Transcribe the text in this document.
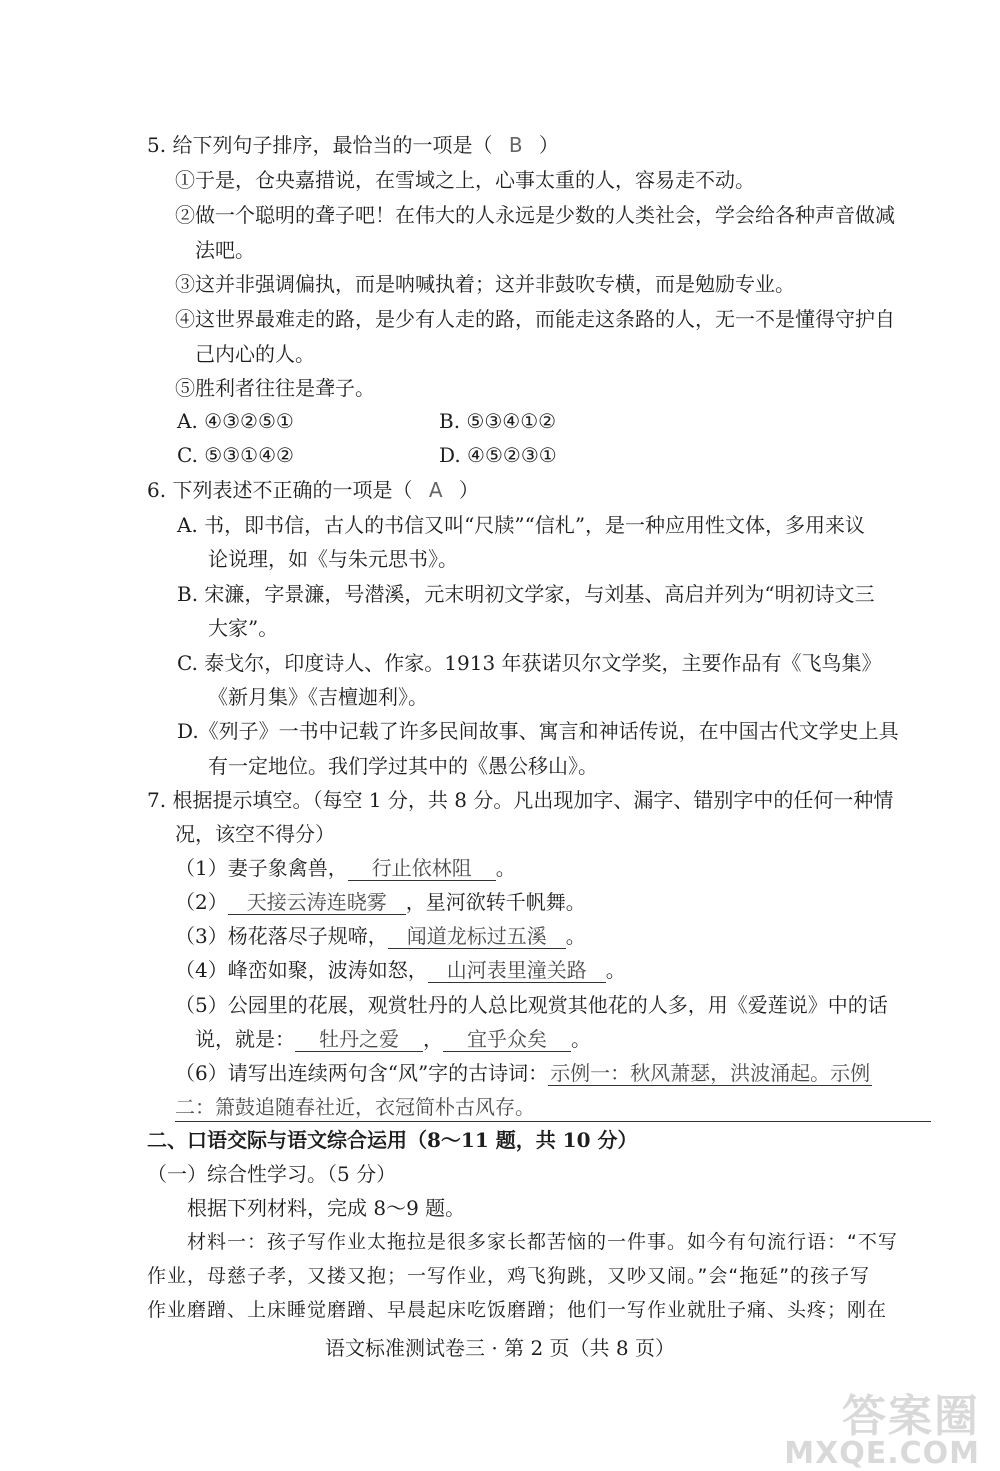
5. 给下列句子排序，最恰当的一项是（ B ）
①于是，仓央嘉措说，在雪域之上，心事太重的人，容易走不动。
②做一个聪明的聋子吧！在伟大的人永远是少数的人类社会，学会给各种声音做减
法吧。
③这并非强调偏执，而是呐喊执着；这并非鼓吹专横，而是勉励专业。
④这世界最难走的路，是少有人走的路，而能走这条路的人，无一不是懂得守护自
己内心的人。
⑤胜利者往往是聋子。
A. ④③②⑤①	B. ⑤③④①②
C. ⑤③①④②	D. ④⑤②③①
6. 下列表述不正确的一项是（ A ）
A. 书，即书信，古人的书信又叫“尺牍”“信札”，是一种应用性文体，多用来议
论说理，如《与朱元思书》。
B. 宋濂，字景濂，号潜溪，元末明初文学家，与刘基、高启并列为“明初诗文三
大家”。
C. 泰戈尔，印度诗人、作家。1913 年获诺贝尔文学奖，主要作品有《飞鸟集》
《新月集》《吉檀迦利》。
D.《列子》一书中记载了许多民间故事、寓言和神话传说，在中国古代文学史上具
有一定地位。我们学过其中的《愚公移山》。
7. 根据提示填空。（每空 1 分，共 8 分。凡出现加字、漏字、错别字中的任何一种情
况，该空不得分）
（1）妻子象禽兽， 行止依林阻 。
（2） 天接云涛连晓雾 ，星河欲转千帆舞。
（3）杨花落尽子规啼， 闻道龙标过五溪 。
（4）峰峦如聚，波涛如怒， 山河表里潼关路 。
（5）公园里的花展，观赏牡丹的人总比观赏其他花的人多，用《爱莲说》中的话
说，就是： 牡丹之爱 ， 宜乎众矣 。
（6）请写出连续两句含“风”字的古诗词： 示例一：秋风萧瑟，洪波涌起。示例
二：箫鼓追随春社近，衣冠简朴古风存。
二、口语交际与语文综合运用（8～11 题，共 10 分）
（一）综合性学习。（5 分）
根据下列材料，完成 8～9 题。
材料一：孩子写作业太拖拉是很多家长都苦恼的一件事。如今有句流行语：“不写
作业，母慈子孝，又搂又抱；一写作业，鸡飞狗跳，又吵又闹。”会“拖延”的孩子写
作业磨蹭、上床睡觉磨蹭、早晨起床吃饭磨蹭；他们一写作业就肚子痛、头疼；刚在
语文标准测试卷三 · 第 2 页（共 8 页）
答案圈
MXQE.COM
